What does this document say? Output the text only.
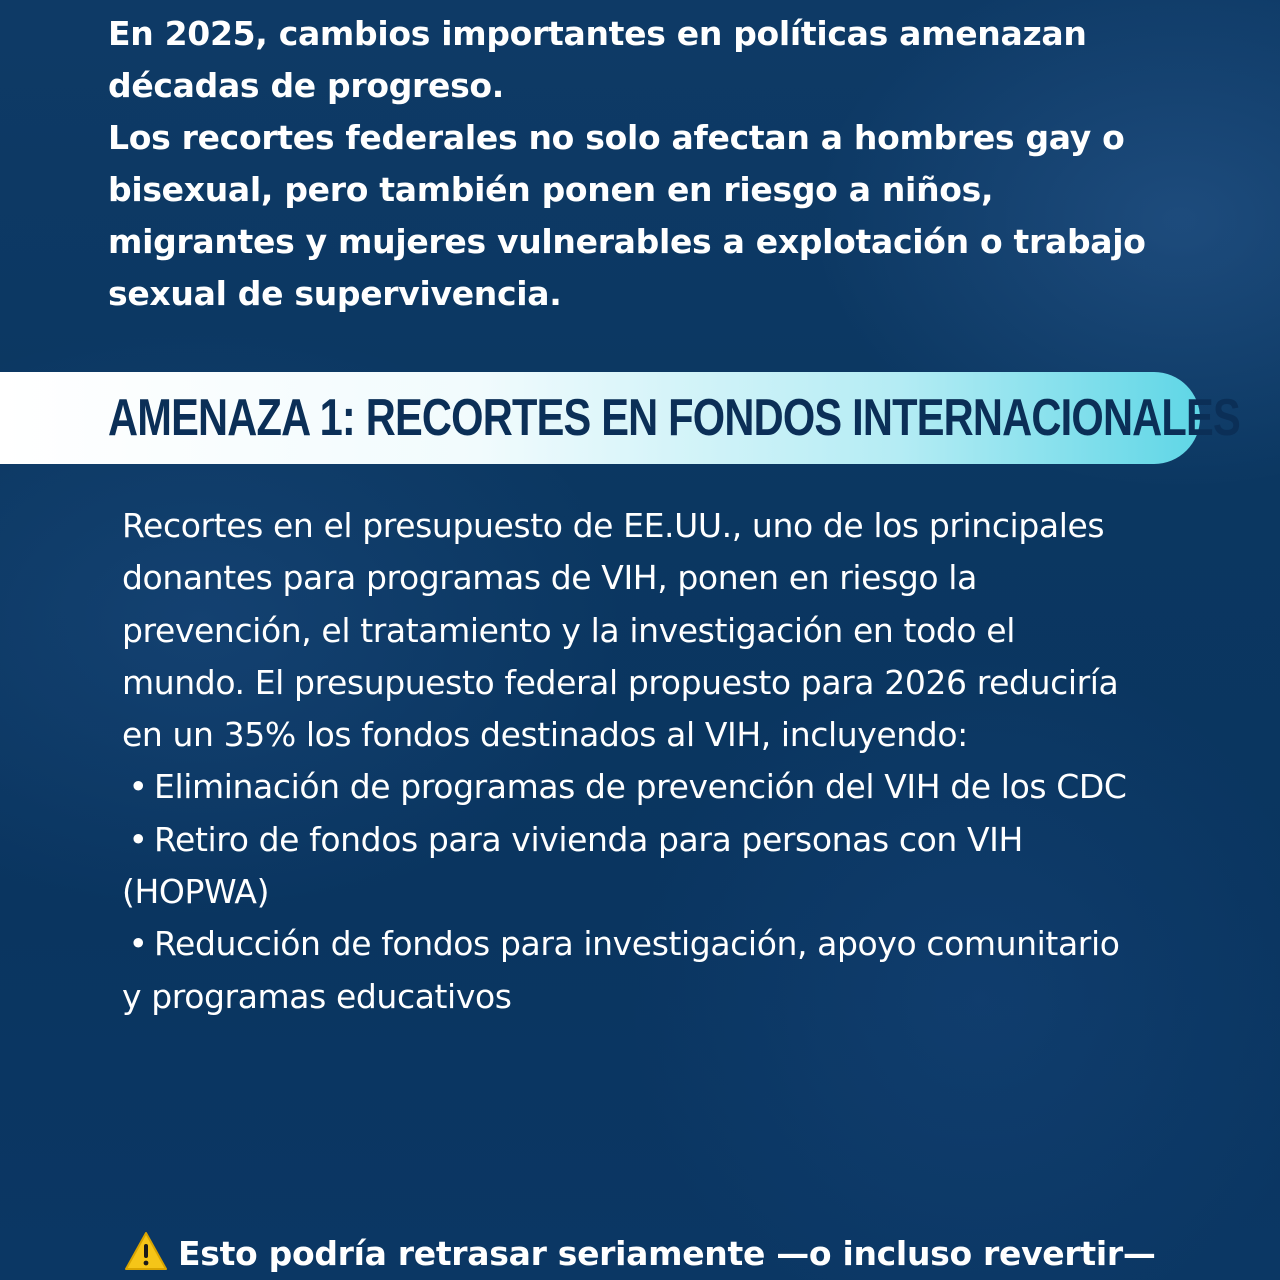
En 2025, cambios importantes en políticas amenazan décadas de progreso.

Los recortes federales no solo afectan a hombres gay o bisexual, pero también ponen en riesgo a niños, migrantes y mujeres vulnerables a explotación o trabajo sexual de supervivencia.

AMENAZA 1: RECORTES EN FONDOS INTERNACIONALES

Recortes en el presupuesto de EE.UU., uno de los principales donantes para programas de VIH, ponen en riesgo la prevención, el tratamiento y la investigación en todo el mundo. El presupuesto federal propuesto para 2026 reduciría en un 35% los fondos destinados al VIH, incluyendo:

• Eliminación de programas de prevención del VIH de los CDC
• Retiro de fondos para vivienda para personas con VIH (HOPWA)
• Reducción de fondos para investigación, apoyo comunitario y programas educativos
Esto podría retrasar seriamente —o incluso revertir—
